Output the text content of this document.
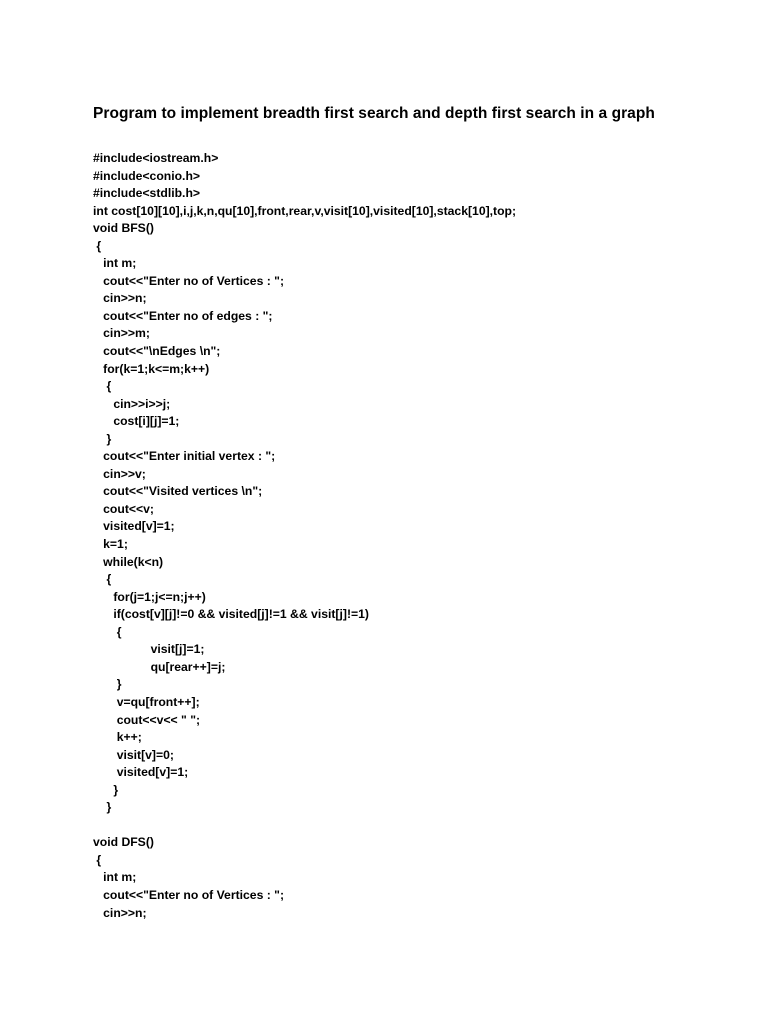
Program to implement breadth first search and depth first search in a graph
#include<iostream.h>
#include<conio.h>
#include<stdlib.h>
int cost[10][10],i,j,k,n,qu[10],front,rear,v,visit[10],visited[10],stack[10],top;
void BFS()
{
int m;
cout<<"Enter no of Vertices : ";
cin>>n;
cout<<"Enter no of edges : ";
cin>>m;
cout<<"\nEdges \n";
for(k=1;k<=m;k++)
{
cin>>i>>j;
cost[i][j]=1;
}
cout<<"Enter initial vertex : ";
cin>>v;
cout<<"Visited vertices \n";
cout<<v;
visited[v]=1;
k=1;
while(k<n)
{
for(j=1;j<=n;j++)
if(cost[v][j]!=0 && visited[j]!=1 && visit[j]!=1)
{
visit[j]=1;
qu[rear++]=j;
}
v=qu[front++];
cout<<v<< " ";
k++;
visit[v]=0;
visited[v]=1;
}
}
void DFS()
{
int m;
cout<<"Enter no of Vertices : ";
cin>>n;
